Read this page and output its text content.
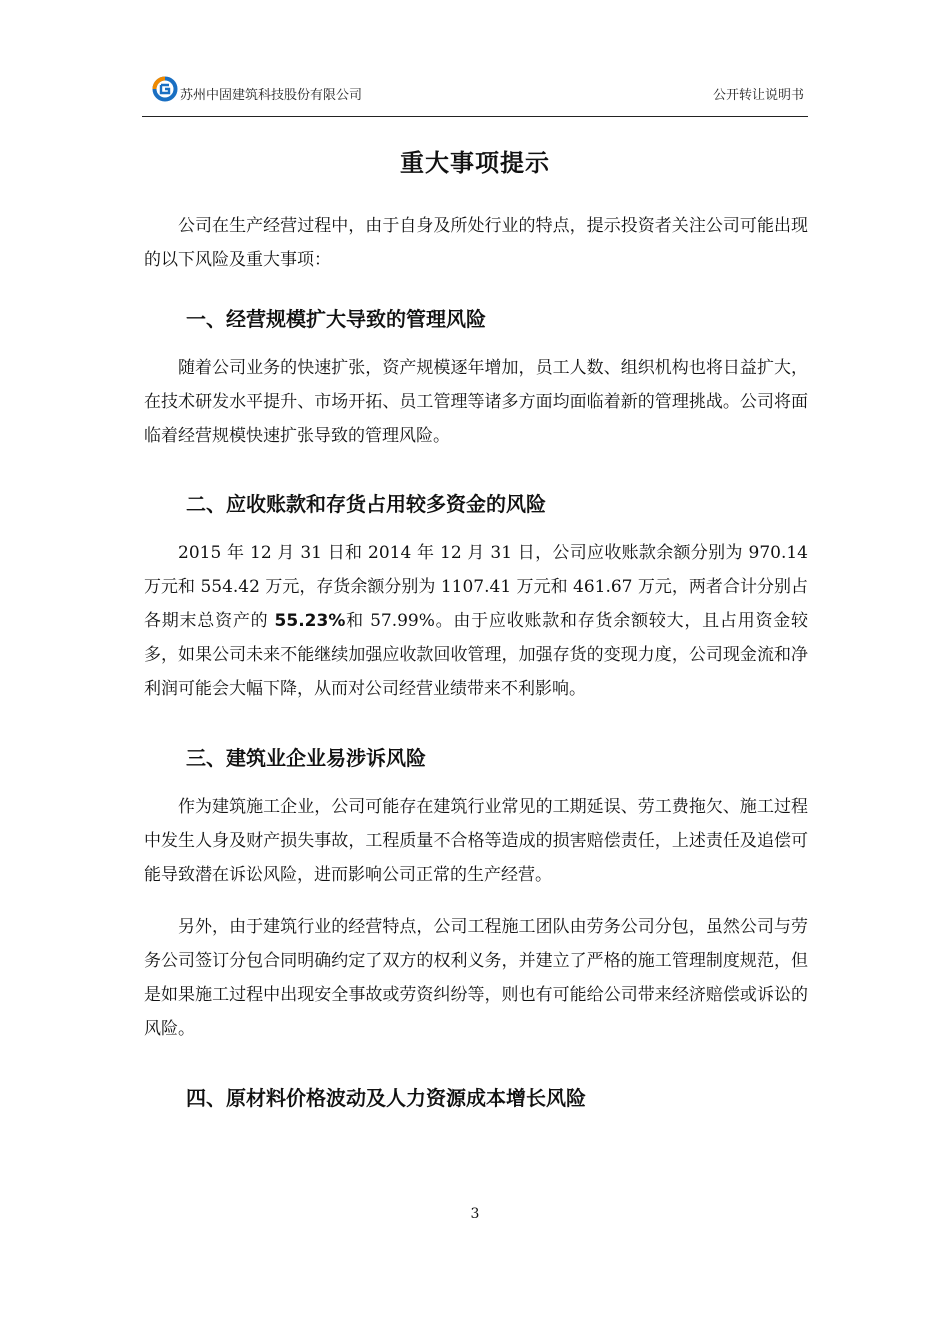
苏州中固建筑科技股份有限公司	公开转让说明书
重大事项提示

公司在生产经营过程中，由于自身及所处行业的特点，提示投资者关注公司可能出现的以下风险及重大事项：

一、经营规模扩大导致的管理风险

随着公司业务的快速扩张，资产规模逐年增加，员工人数、组织机构也将日益扩大，在技术研发水平提升、市场开拓、员工管理等诸多方面均面临着新的管理挑战。公司将面临着经营规模快速扩张导致的管理风险。

二、应收账款和存货占用较多资金的风险

2015 年 12 月 31 日和 2014 年 12 月 31 日，公司应收账款余额分别为 970.14 万元和 554.42 万元，存货余额分别为 1107.41 万元和 461.67 万元，两者合计分别占各期末总资产的 55.23%和 57.99%。由于应收账款和存货余额较大，且占用资金较多，如果公司未来不能继续加强应收款回收管理，加强存货的变现力度，公司现金流和净利润可能会大幅下降，从而对公司经营业绩带来不利影响。

三、建筑业企业易涉诉风险

作为建筑施工企业，公司可能存在建筑行业常见的工期延误、劳工费拖欠、施工过程中发生人身及财产损失事故，工程质量不合格等造成的损害赔偿责任，上述责任及追偿可能导致潜在诉讼风险，进而影响公司正常的生产经营。

另外，由于建筑行业的经营特点，公司工程施工团队由劳务公司分包，虽然公司与劳务公司签订分包合同明确约定了双方的权利义务，并建立了严格的施工管理制度规范，但是如果施工过程中出现安全事故或劳资纠纷等，则也有可能给公司带来经济赔偿或诉讼的风险。

四、原材料价格波动及人力资源成本增长风险
3
